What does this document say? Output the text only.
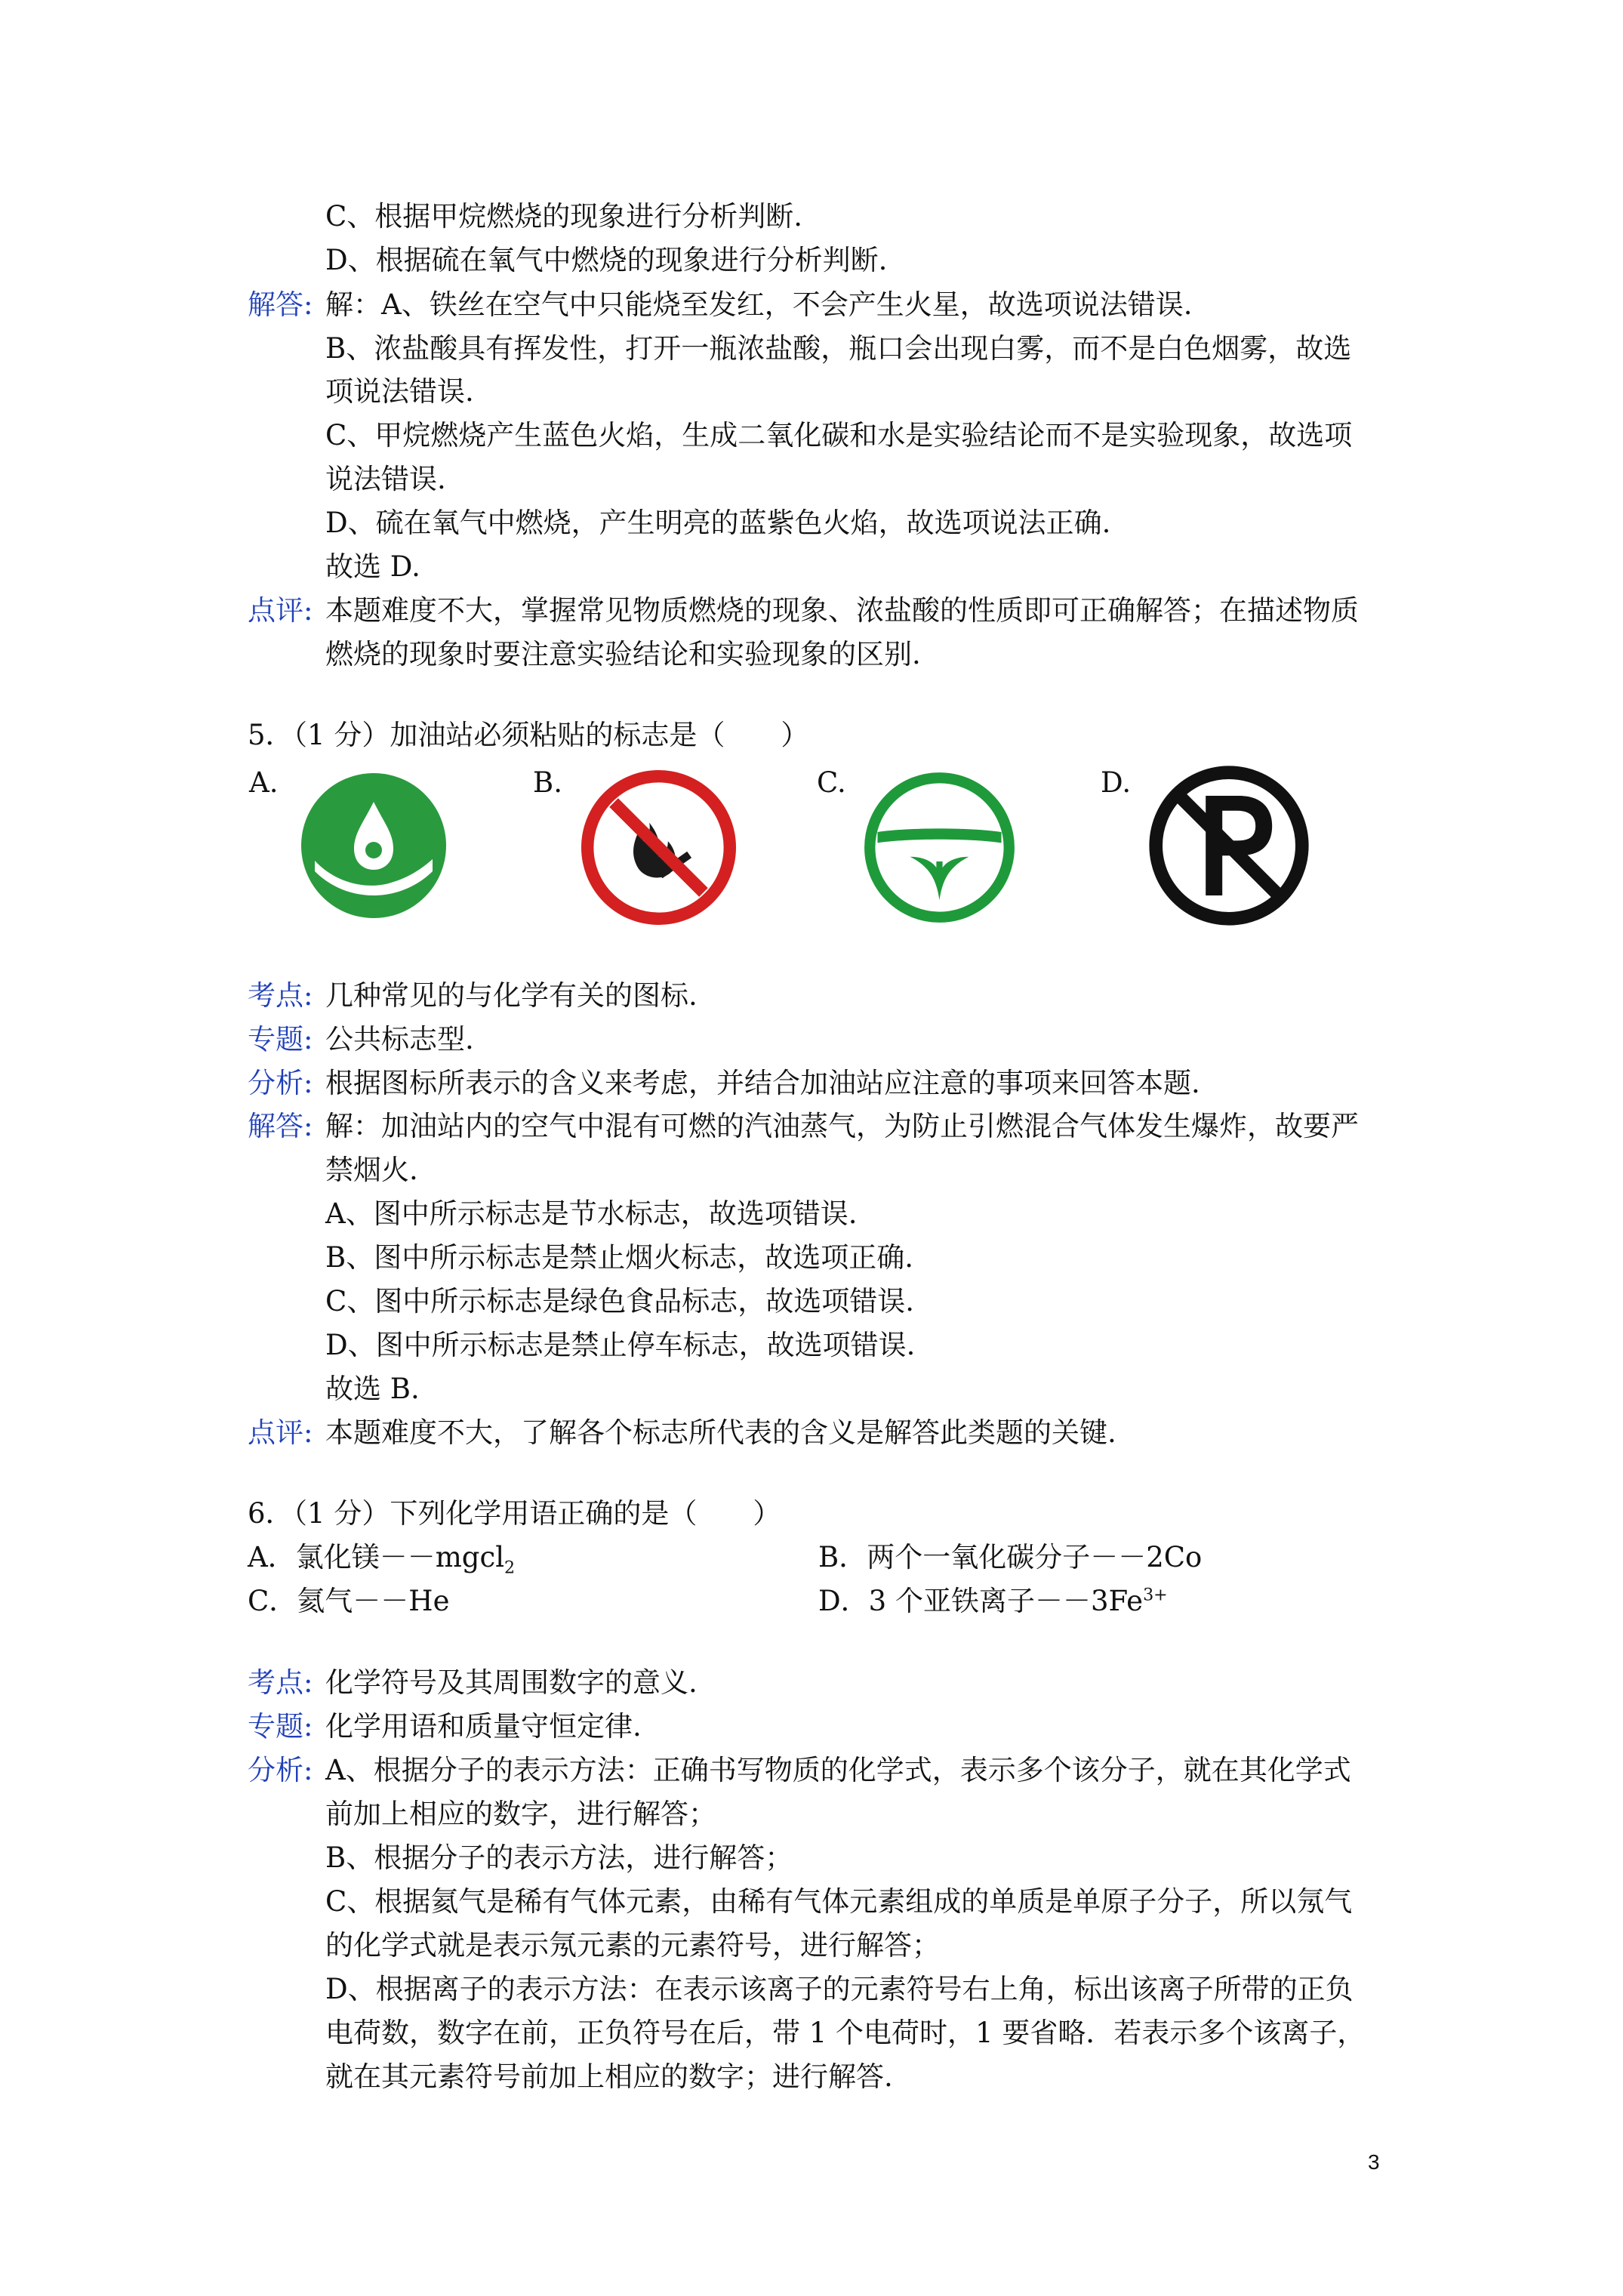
C、根据甲烷燃烧的现象进行分析判断.
D、根据硫在氧气中燃烧的现象进行分析判断.
解答: 解：A、铁丝在空气中只能烧至发红，不会产生火星，故选项说法错误.
B、浓盐酸具有挥发性，打开一瓶浓盐酸，瓶口会出现白雾，而不是白色烟雾，故选
项说法错误.
C、甲烷燃烧产生蓝色火焰，生成二氧化碳和水是实验结论而不是实验现象，故选项
说法错误.
D、硫在氧气中燃烧，产生明亮的蓝紫色火焰，故选项说法正确.
故选 D.
点评: 本题难度不大，掌握常见物质燃烧的现象、浓盐酸的性质即可正确解答；在描述物质
燃烧的现象时要注意实验结论和实验现象的区别.
5．（1 分）加油站必须粘贴的标志是（　　）
A.	B.	C.	D.
考点: 几种常见的与化学有关的图标.
专题: 公共标志型.
分析: 根据图标所表示的含义来考虑，并结合加油站应注意的事项来回答本题.
解答: 解：加油站内的空气中混有可燃的汽油蒸气，为防止引燃混合气体发生爆炸，故要严
禁烟火.
A、图中所示标志是节水标志，故选项错误.
B、图中所示标志是禁止烟火标志，故选项正确.
C、图中所示标志是绿色食品标志，故选项错误.
D、图中所示标志是禁止停车标志，故选项错误.
故选 B.
点评: 本题难度不大，了解各个标志所代表的含义是解答此类题的关键.
6．（1 分）下列化学用语正确的是（　　）
A．氯化镁－－mgcl$_2$	B．两个一氧化碳分子－－2Co
C．氦气－－He	D．3 个亚铁离子$--3Fe^{3+}$
考点: 化学符号及其周围数字的意义.
专题: 化学用语和质量守恒定律.
分析: A、根据分子的表示方法：正确书写物质的化学式，表示多个该分子，就在其化学式
前加上相应的数字，进行解答；
B、根据分子的表示方法，进行解答；
C、根据氦气是稀有气体元素，由稀有气体元素组成的单质是单原子分子，所以氖气
的化学式就是表示氖元素的元素符号，进行解答；
D、根据离子的表示方法：在表示该离子的元素符号右上角，标出该离子所带的正负
电荷数，数字在前，正负符号在后，带 1 个电荷时，1 要省略．若表示多个该离子，
就在其元素符号前加上相应的数字；进行解答.
3
